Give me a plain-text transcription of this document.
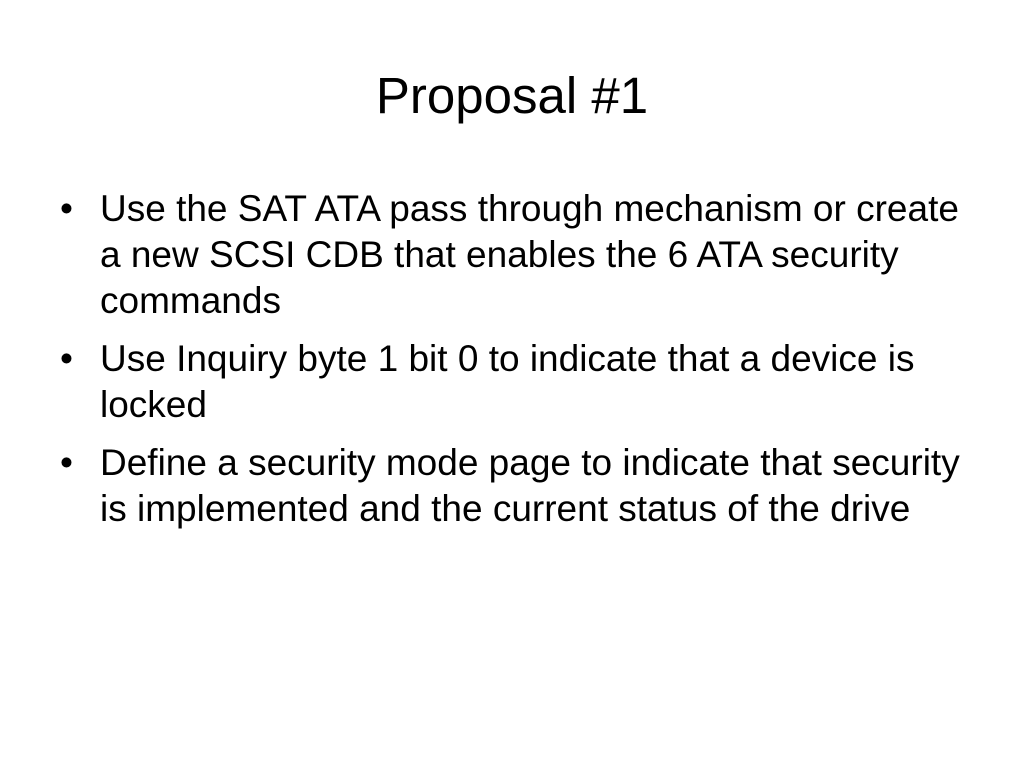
Proposal #1
• Use the SAT ATA pass through mechanism or create a new SCSI CDB that enables the 6 ATA security commands
• Use Inquiry byte 1 bit 0 to indicate that a device is locked
• Define a security mode page to indicate that security is implemented and the current status of the drive
